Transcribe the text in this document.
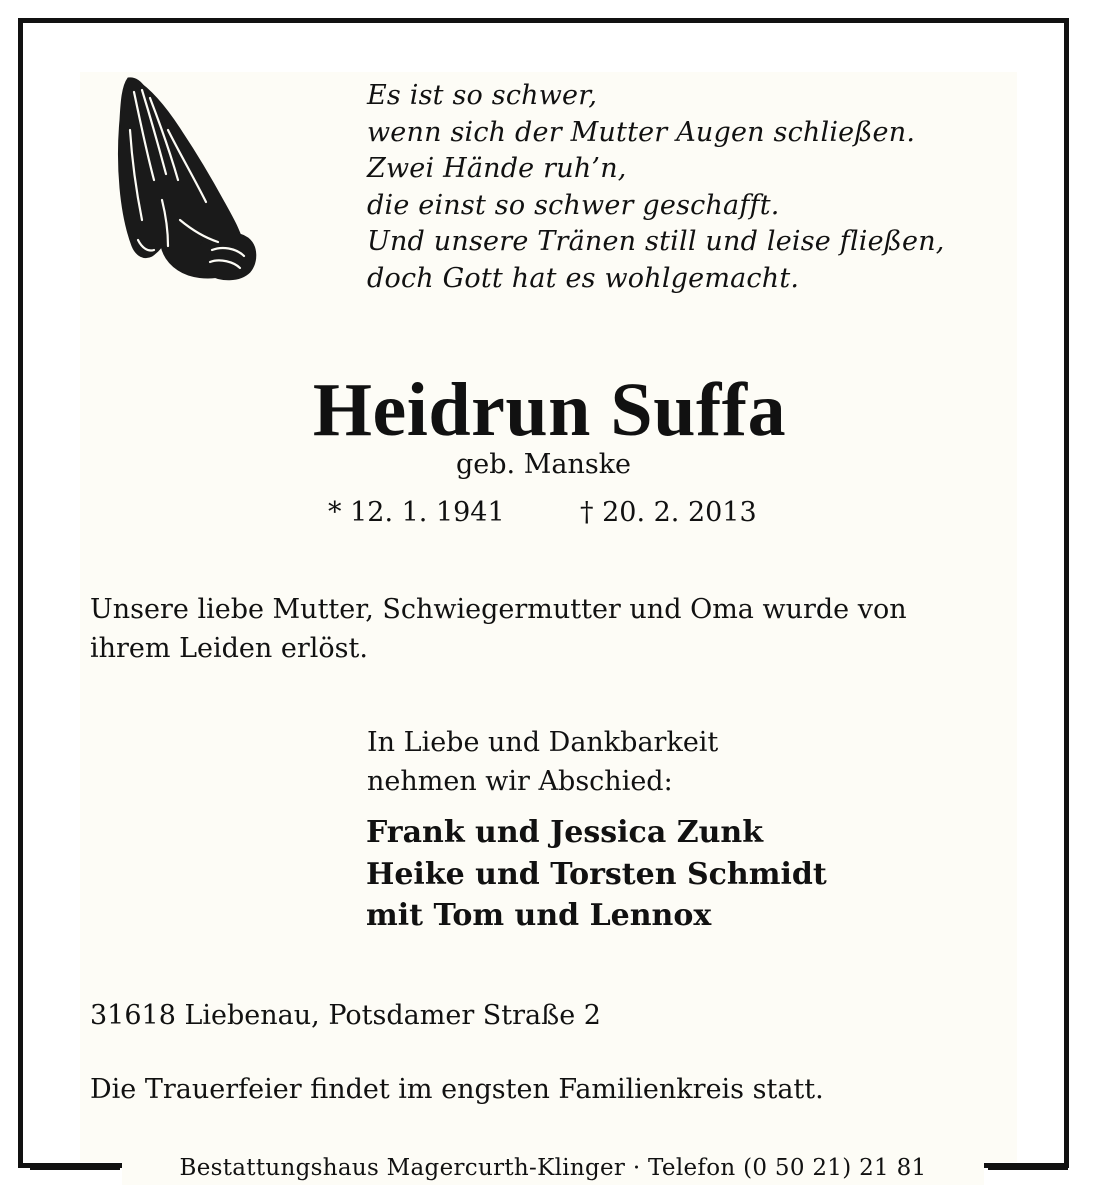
Es ist so schwer,
wenn sich der Mutter Augen schließen.
Zwei Hände ruh’n,
die einst so schwer geschafft.
Und unsere Tränen still und leise fließen,
doch Gott hat es wohlgemacht.
Heidrun Suffa
geb. Manske
* 12. 1. 1941	† 20. 2. 2013
Unsere liebe Mutter, Schwiegermutter und Oma wurde von
ihrem Leiden erlöst.
In Liebe und Dankbarkeit
nehmen wir Abschied:
Frank und Jessica Zunk
Heike und Torsten Schmidt
mit Tom und Lennox
31618 Liebenau, Potsdamer Straße 2
Die Trauerfeier findet im engsten Familienkreis statt.
Bestattungshaus Magercurth-Klinger · Telefon (0 50 21) 21 81
